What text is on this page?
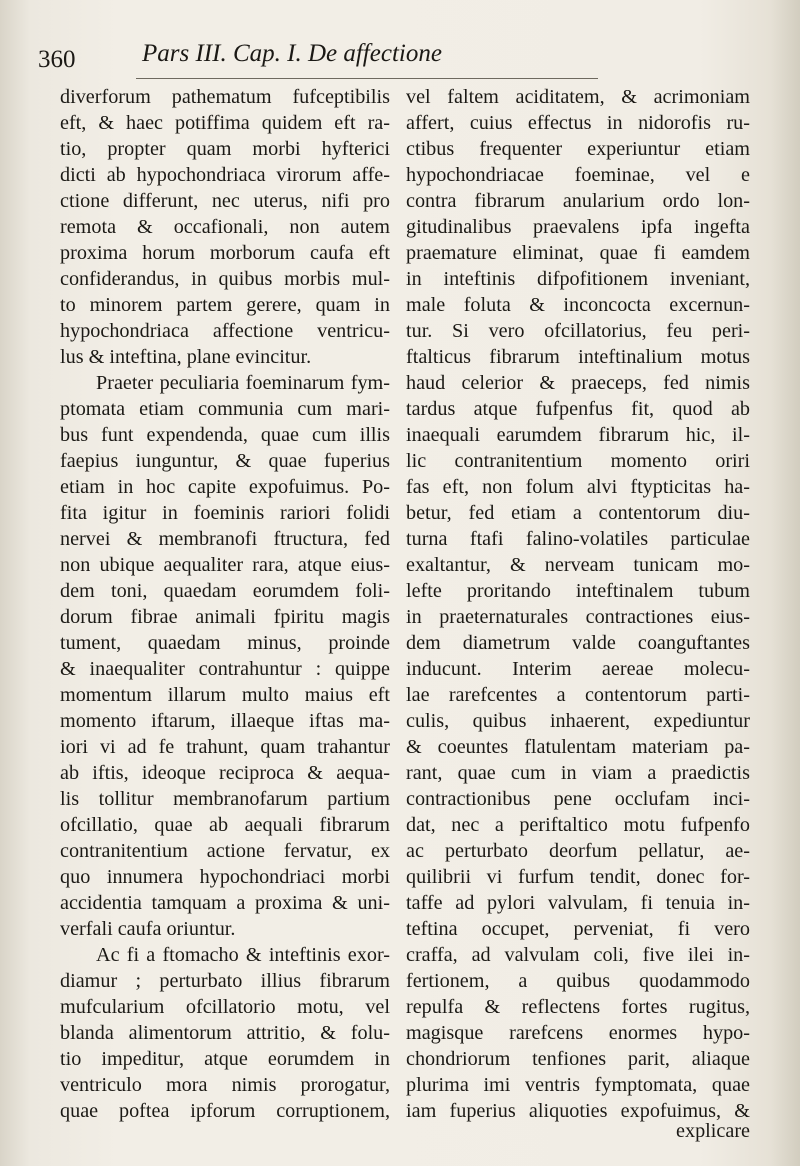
360	Pars III. Cap. I. De affectione
diverforum pathematum fufceptibilis
eft, & haec potiffima quidem eft ra-
tio, propter quam morbi hyfterici
dicti ab hypochondriaca virorum affe-
ctione differunt, nec uterus, nifi pro
remota & occafionali, non autem
proxima horum morborum caufa eft
confiderandus, in quibus morbis mul-
to minorem partem gerere, quam in
hypochondriaca affectione ventricu-
lus & inteftina, plane evincitur.
Praeter peculiaria foeminarum fym-
ptomata etiam communia cum mari-
bus funt expendenda, quae cum illis
faepius iunguntur, & quae fuperius
etiam in hoc capite expofuimus. Po-
fita igitur in foeminis rariori folidi
nervei & membranofi ftructura, fed
non ubique aequaliter rara, atque eius-
dem toni, quaedam eorumdem foli-
dorum fibrae animali fpiritu magis
tument, quaedam minus, proinde
& inaequaliter contrahuntur : quippe
momentum illarum multo maius eft
momento iftarum, illaeque iftas ma-
iori vi ad fe trahunt, quam trahantur
ab iftis, ideoque reciproca & aequa-
lis tollitur membranofarum partium
ofcillatio, quae ab aequali fibrarum
contranitentium actione fervatur, ex
quo innumera hypochondriaci morbi
accidentia tamquam a proxima & uni-
verfali caufa oriuntur.
Ac fi a ftomacho & inteftinis exor-
diamur ; perturbato illius fibrarum
mufcularium ofcillatorio motu, vel
blanda alimentorum attritio, & folu-
tio impeditur, atque eorumdem in
ventriculo mora nimis prorogatur,
quae poftea ipforum corruptionem,
vel faltem aciditatem, & acrimoniam
affert, cuius effectus in nidorofis ru-
ctibus frequenter experiuntur etiam
hypochondriacae foeminae, vel e
contra fibrarum anularium ordo lon-
gitudinalibus praevalens ipfa ingefta
praemature eliminat, quae fi eamdem
in inteftinis difpofitionem inveniant,
male foluta & inconcocta excernun-
tur. Si vero ofcillatorius, feu peri-
ftalticus fibrarum inteftinalium motus
haud celerior & praeceps, fed nimis
tardus atque fufpenfus fit, quod ab
inaequali earumdem fibrarum hic, il-
lic contranitentium momento oriri
fas eft, non folum alvi ftypticitas ha-
betur, fed etiam a contentorum diu-
turna ftafi falino-volatiles particulae
exaltantur, & nerveam tunicam mo-
lefte proritando inteftinalem tubum
in praeternaturales contractiones eius-
dem diametrum valde coanguftantes
inducunt. Interim aereae molecu-
lae rarefcentes a contentorum parti-
culis, quibus inhaerent, expediuntur
& coeuntes flatulentam materiam pa-
rant, quae cum in viam a praedictis
contractionibus pene occlufam inci-
dat, nec a periftaltico motu fufpenfo
ac perturbato deorfum pellatur, ae-
quilibrii vi furfum tendit, donec for-
taffe ad pylori valvulam, fi tenuia in-
teftina occupet, perveniat, fi vero
craffa, ad valvulam coli, five ilei in-
fertionem, a quibus quodammodo
repulfa & reflectens fortes rugitus,
magisque rarefcens enormes hypo-
chondriorum tenfiones parit, aliaque
plurima imi ventris fymptomata, quae
iam fuperius aliquoties expofuimus, &
explicare
